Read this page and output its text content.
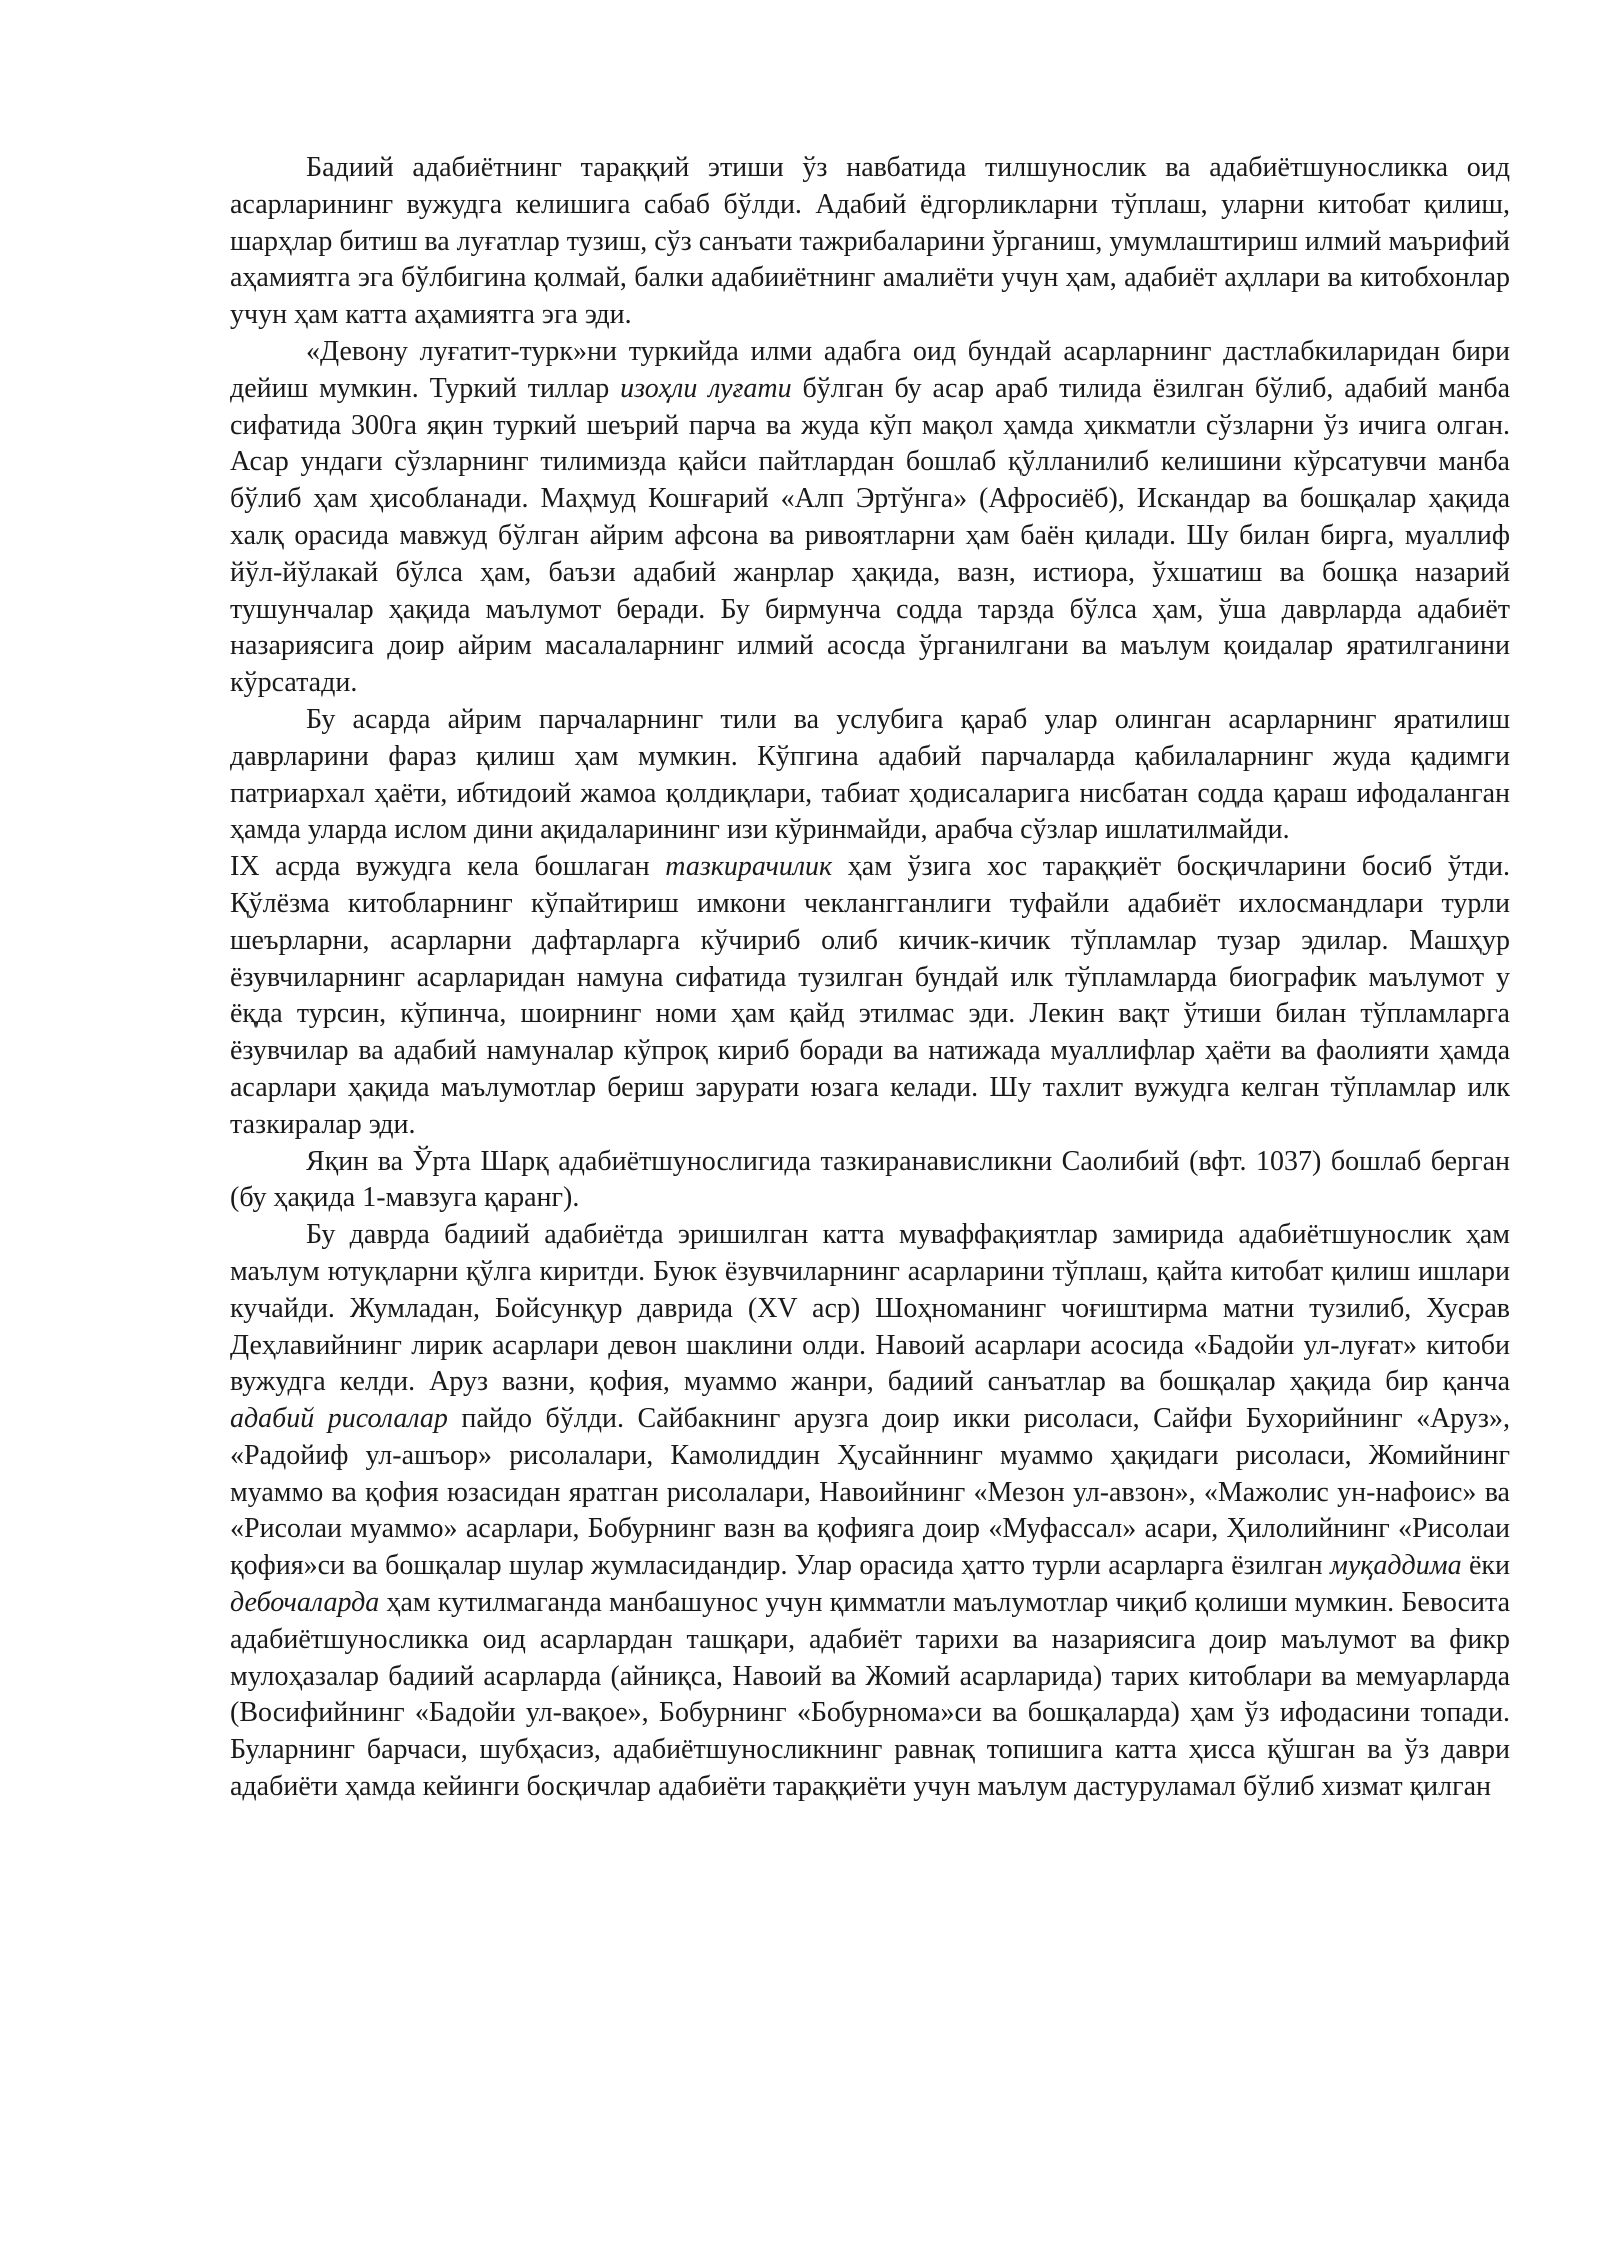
Бадиий адабиётнинг тараққий этиши ўз навбатида тилшунослик ва адабиётшуносликка оид асарларининг вужудга келишига сабаб бўлди. Адабий ёдгорликларни тўплаш, уларни китобат қилиш, шарҳлар битиш ва луғатлар тузиш, сўз санъати тажрибаларини ўрганиш, умумлаштириш илмий маърифий аҳамиятга эга бўлбигина қолмай, балки адабииётнинг амалиёти учун ҳам, адабиёт аҳллари ва китобхонлар учун ҳам катта аҳамиятга эга эди.

«Девону луғатит-турк»ни туркийда илми адабга оид бундай асарларнинг дастлабкиларидан бири дейиш мумкин. Туркий тиллар изоҳли луғати бўлган бу асар араб тилида ёзилган бўлиб, адабий манба сифатида 300га яқин туркий шеърий парча ва жуда кўп мақол ҳамда ҳикматли сўзларни ўз ичига олган. Асар ундаги сўзларнинг тилимизда қайси пайтлардан бошлаб қўлланилиб келишини кўрсатувчи манба бўлиб ҳам ҳисобланади. Маҳмуд Кошғарий «Алп Эртўнга» (Афросиёб), Искандар ва бошқалар ҳақида халқ орасида мавжуд бўлган айрим афсона ва ривоятларни ҳам баён қилади. Шу билан бирга, муаллиф йўл-йўлакай бўлса ҳам, баъзи адабий жанрлар ҳақида, вазн, истиора, ўхшатиш ва бошқа назарий тушунчалар ҳақида маълумот беради. Бу бирмунча содда тарзда бўлса ҳам, ўша даврларда адабиёт назариясига доир айрим масалаларнинг илмий асосда ўрганилгани ва маълум қоидалар яратилганини кўрсатади.

Бу асарда айрим парчаларнинг тили ва услубига қараб улар олинган асарларнинг яратилиш даврларини фараз қилиш ҳам мумкин. Кўпгина адабий парчаларда қабилаларнинг жуда қадимги патриархал ҳаёти, ибтидоий жамоа қолдиқлари, табиат ҳодисаларига нисбатан содда қараш ифодаланган ҳамда уларда ислом дини ақидаларининг изи кўринмайди, арабча сўзлар ишлатилмайди.

IX асрда вужудга кела бошлаган тазкирачилик ҳам ўзига хос тараққиёт босқичларини босиб ўтди. Қўлёзма китобларнинг кўпайтириш имкони чеклангганлиги туфайли адабиёт ихлосмандлари турли шеърларни, асарларни дафтарларга кўчириб олиб кичик-кичик тўпламлар тузар эдилар. Машҳур ёзувчиларнинг асарларидан намуна сифатида тузилган бундай илк тўпламларда биографик маълумот у ёқда турсин, кўпинча, шоирнинг номи ҳам қайд этилмас эди. Лекин вақт ўтиши билан тўпламларга ёзувчилар ва адабий намуналар кўпроқ кириб боради ва натижада муаллифлар ҳаёти ва фаолияти ҳамда асарлари ҳақида маълумотлар бериш зарурати юзага келади. Шу тахлит вужудга келган тўпламлар илк тазкиралар эди.

Яқин ва Ўрта Шарқ адабиётшунослигида тазкиранависликни Саолибий (вфт. 1037) бошлаб берган (бу ҳақида 1-мавзуга қаранг).

Бу даврда бадиий адабиётда эришилган катта муваффақиятлар замирида адабиётшунослик ҳам маълум ютуқларни қўлга киритди. Буюк ёзувчиларнинг асарларини тўплаш, қайта китобат қилиш ишлари кучайди. Жумладан, Бойсунқур даврида (XV аср) Шоҳноманинг чоғиштирма матни тузилиб, Хусрав Деҳлавийнинг лирик асарлари девон шаклини олди. Навоий асарлари асосида «Бадойи ул-луғат» китоби вужудга келди. Аруз вазни, қофия, муаммо жанри, бадиий санъатлар ва бошқалар ҳақида бир қанча адабий рисолалар пайдо бўлди. Сайбакнинг арузга доир икки рисоласи, Сайфи Бухорийнинг «Аруз», «Радойиф ул-ашъор» рисолалари, Камолиддин Ҳусайннинг муаммо ҳақидаги рисоласи, Жомийнинг муаммо ва қофия юзасидан яратган рисолалари, Навоийнинг «Мезон ул-авзон», «Мажолис ун-нафоис» ва «Рисолаи муаммо» асарлари, Бобурнинг вазн ва қофияга доир «Муфассал» асари, Ҳилолийнинг «Рисолаи қофия»си ва бошқалар шулар жумласидандир. Улар орасида ҳатто турли асарларга ёзилган муқаддима ёки дебочаларда ҳам кутилмаганда манбашунос учун қимматли маълумотлар чиқиб қолиши мумкин. Бевосита адабиётшуносликка оид асарлардан ташқари, адабиёт тарихи ва назариясига доир маълумот ва фикр мулоҳазалар бадиий асарларда (айниқса, Навоий ва Жомий асарларида) тарих китоблари ва мемуарларда (Восифийнинг «Бадойи ул-вақое», Бобурнинг «Бобурнома»си ва бошқаларда) ҳам ўз ифодасини топади. Буларнинг барчаси, шубҳасиз, адабиётшуносликнинг равнақ топишига катта ҳисса қўшган ва ўз даври адабиёти ҳамда кейинги босқичлар адабиёти тараққиёти учун маълум дастуруламал бўлиб хизмат қилган
